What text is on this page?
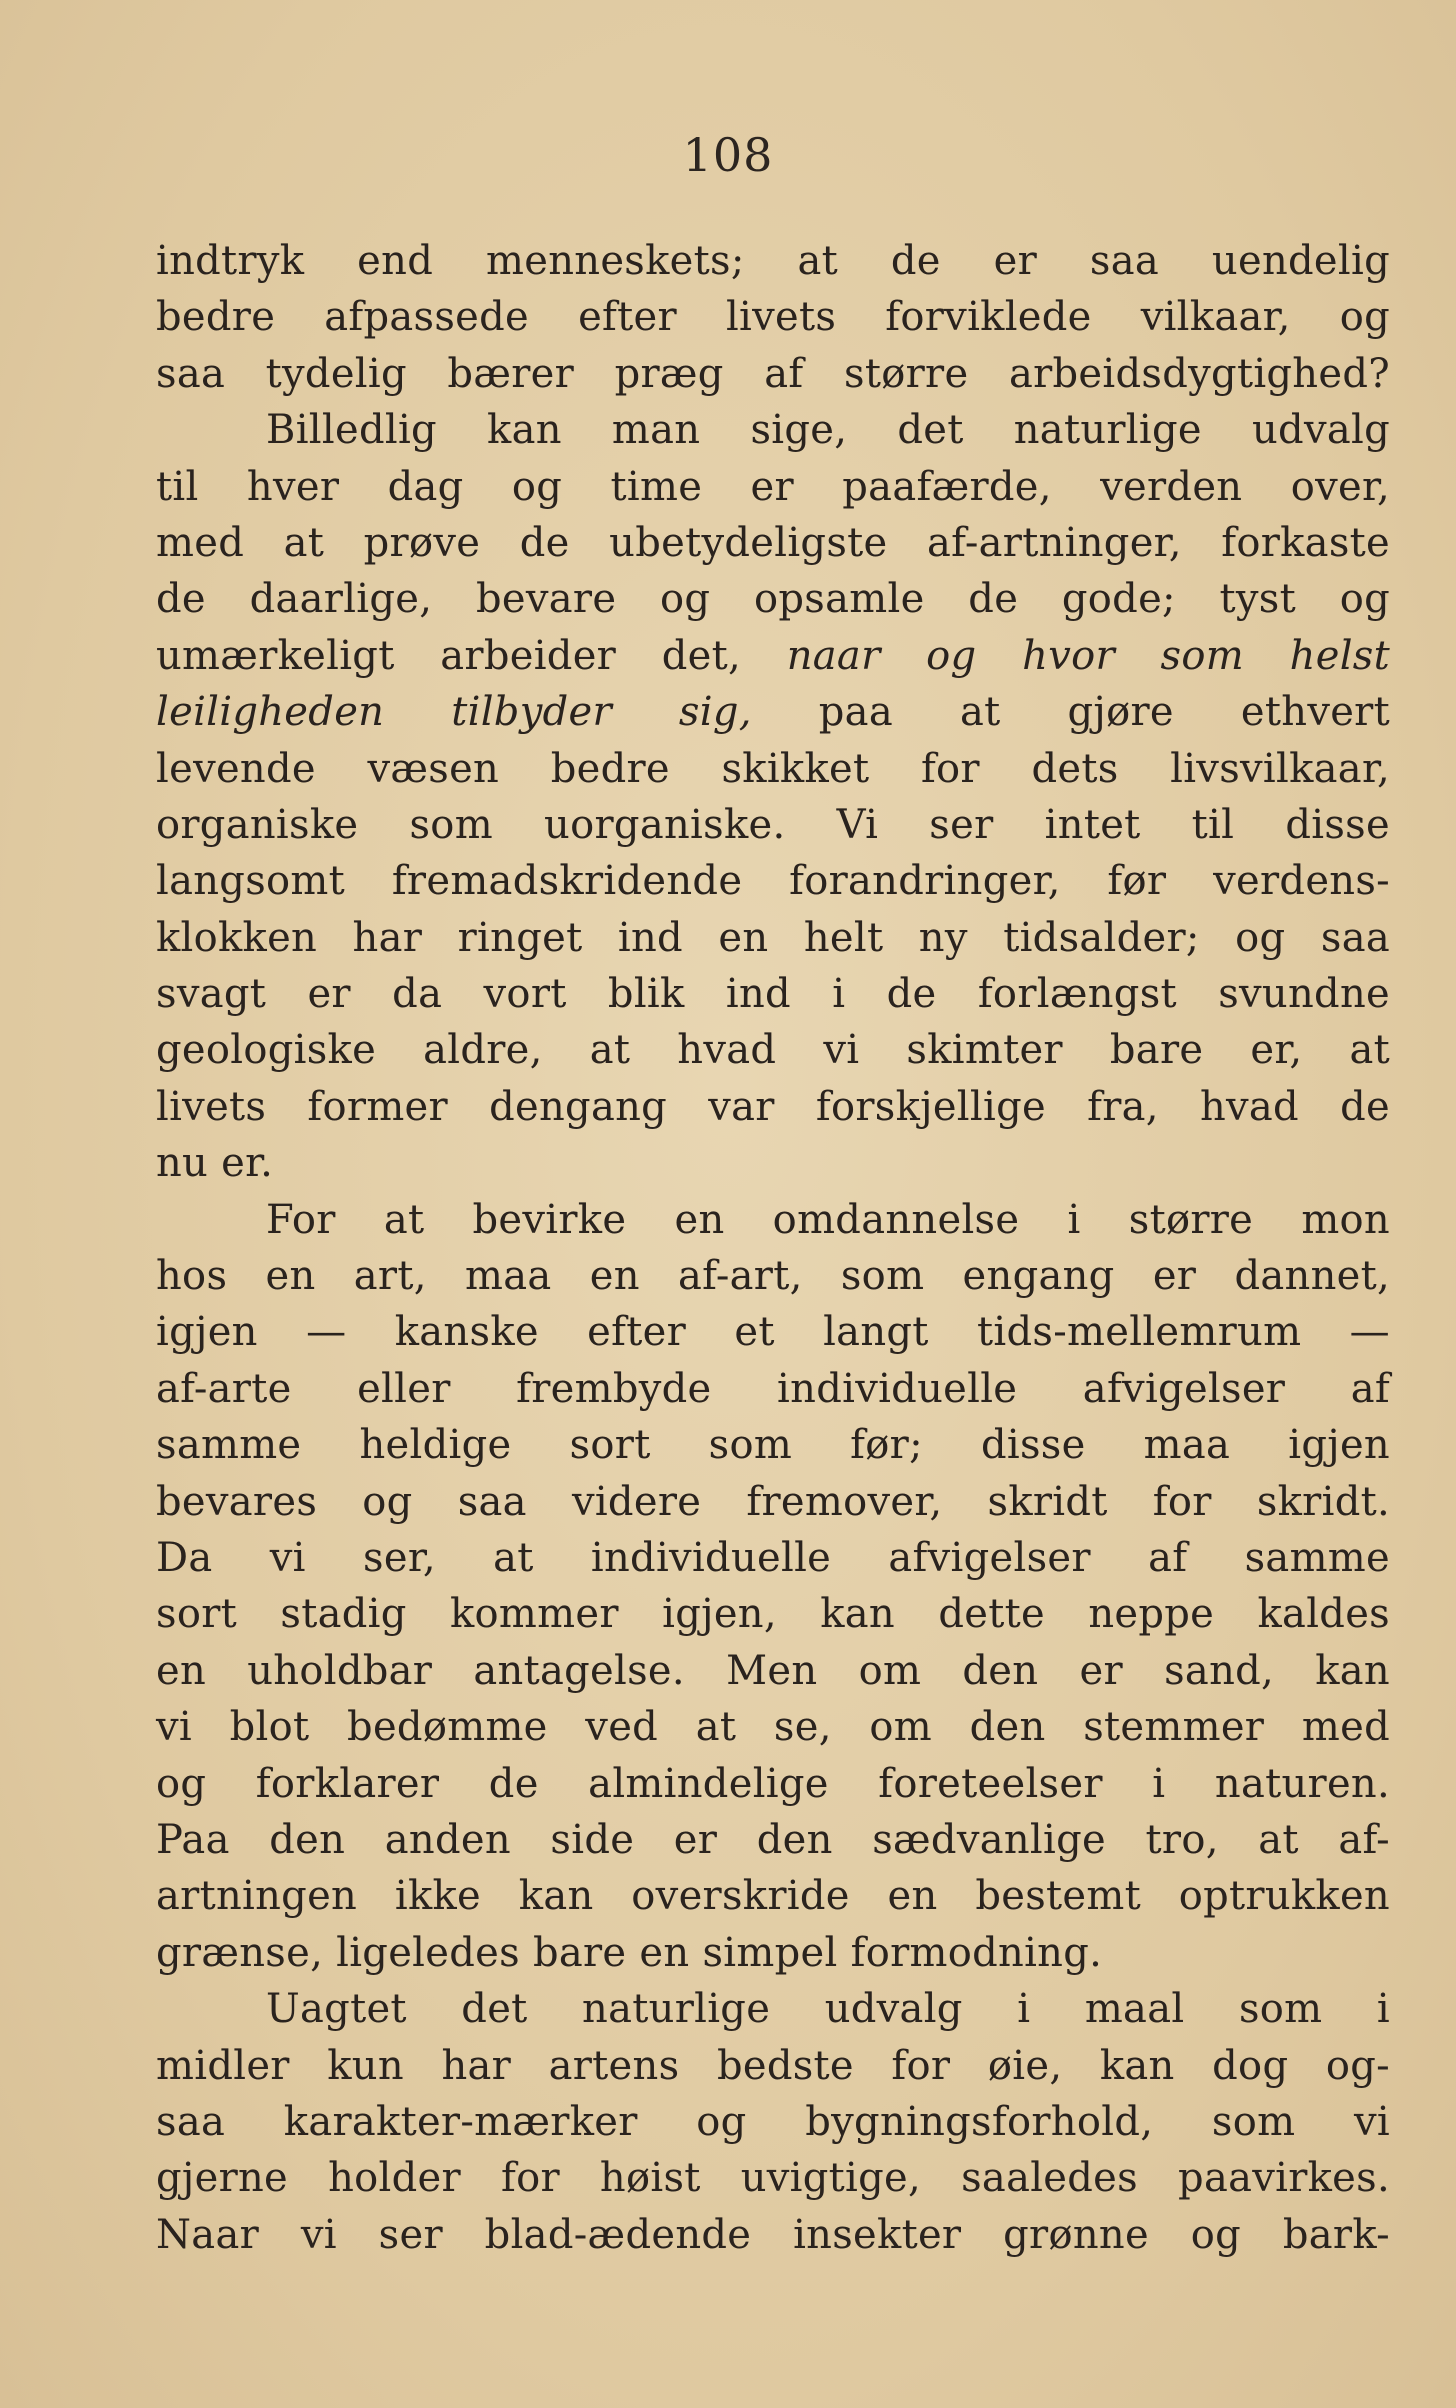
108
indtryk end menneskets; at de er saa uendelig
bedre afpassede efter livets forviklede vilkaar, og
saa tydelig bærer præg af større arbeidsdygtighed?
Billedlig kan man sige, det naturlige udvalg
til hver dag og time er paafærde, verden over,
med at prøve de ubetydeligste af-artninger, forkaste
de daarlige, bevare og opsamle de gode; tyst og
umærkeligt arbeider det, naar og hvor som helst
leiligheden tilbyder sig, paa at gjøre ethvert
levende væsen bedre skikket for dets livsvilkaar,
organiske som uorganiske. Vi ser intet til disse
langsomt fremadskridende forandringer, før verdens-
klokken har ringet ind en helt ny tidsalder; og saa
svagt er da vort blik ind i de forlængst svundne
geologiske aldre, at hvad vi skimter bare er, at
livets former dengang var forskjellige fra, hvad de
nu er.
For at bevirke en omdannelse i større mon
hos en art, maa en af-art, som engang er dannet,
igjen — kanske efter et langt tids-mellemrum —
af-arte eller frembyde individuelle afvigelser af
samme heldige sort som før; disse maa igjen
bevares og saa videre fremover, skridt for skridt.
Da vi ser, at individuelle afvigelser af samme
sort stadig kommer igjen, kan dette neppe kaldes
en uholdbar antagelse. Men om den er sand, kan
vi blot bedømme ved at se, om den stemmer med
og forklarer de almindelige foreteelser i naturen.
Paa den anden side er den sædvanlige tro, at af-
artningen ikke kan overskride en bestemt optrukken
grænse, ligeledes bare en simpel formodning.
Uagtet det naturlige udvalg i maal som i
midler kun har artens bedste for øie, kan dog og-
saa karakter-mærker og bygningsforhold, som vi
gjerne holder for høist uvigtige, saaledes paavirkes.
Naar vi ser blad-ædende insekter grønne og bark-
